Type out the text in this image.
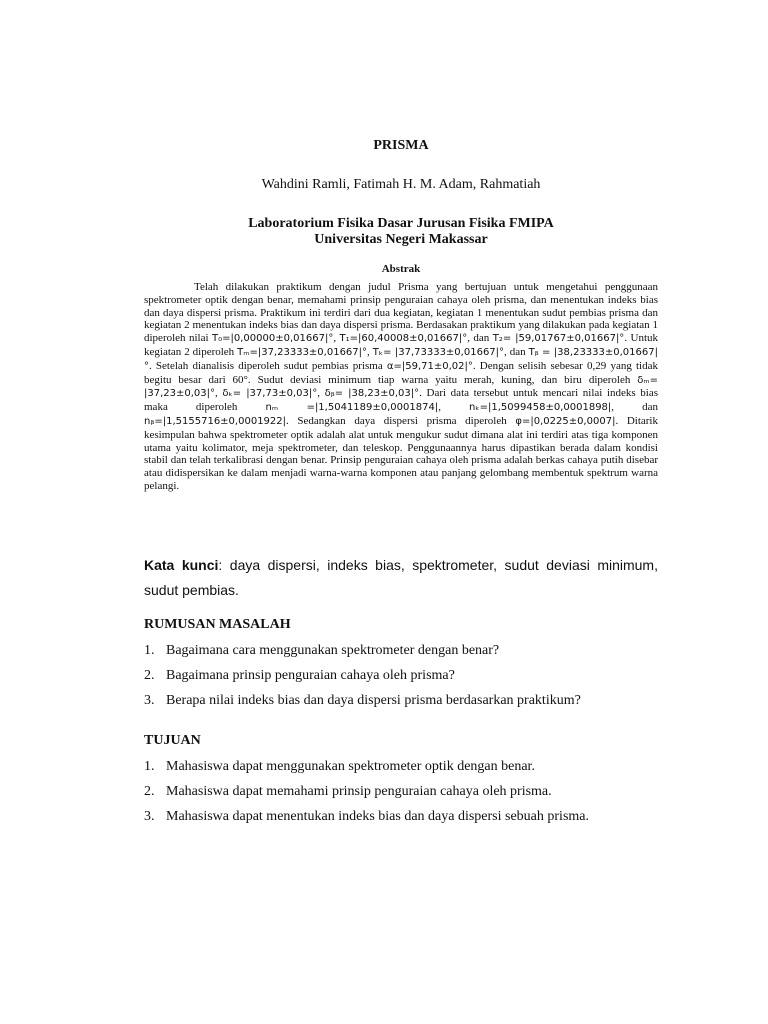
PRISMA
Wahdini Ramli, Fatimah H. M. Adam, Rahmatiah
Laboratorium Fisika Dasar Jurusan Fisika FMIPA
Universitas Negeri Makassar
Abstrak

Telah dilakukan praktikum dengan judul Prisma yang bertujuan untuk mengetahui penggunaan spektrometer optik dengan benar, memahami prinsip penguraian cahaya oleh prisma, dan menentukan indeks bias dan daya dispersi prisma. Praktikum ini terdiri dari dua kegiatan, kegiatan 1 menentukan sudut pembias prisma dan kegiatan 2 menentukan indeks bias dan daya dispersi prisma. Berdasakan praktikum yang dilakukan pada kegiatan 1 diperoleh nilai T₀=|0,00000±0,01667|°, T₁=|60,40008±0,01667|°, dan T₂= |59,01767±0,01667|°. Untuk kegiatan 2 diperoleh Tₘ=|37,23333±0,01667|°, Tₖ= |37,73333±0,01667|°, dan Tᵦ = |38,23333±0,01667|°. Setelah dianalisis diperoleh sudut pembias prisma α=|59,71±0,02|°. Dengan selisih sebesar 0,29 yang tidak begitu besar dari 60°. Sudut deviasi minimum tiap warna yaitu merah, kuning, dan biru diperoleh δₘ= |37,23±0,03|°, δₖ= |37,73±0,03|°, δᵦ= |38,23±0,03|°. Dari data tersebut untuk mencari nilai indeks bias maka diperoleh nₘ =|1,5041189±0,0001874|, nₖ=|1,5099458±0,0001898|, dan nᵦ=|1,5155716±0,0001922|. Sedangkan daya dispersi prisma diperoleh φ=|0,0225±0,0007|. Ditarik kesimpulan bahwa spektrometer optik adalah alat untuk mengukur sudut dimana alat ini terdiri atas tiga komponen utama yaitu kolimator, meja spektrometer, dan teleskop. Penggunaannya harus dipastikan berada dalam kondisi stabil dan telah terkalibrasi dengan benar. Prinsip penguraian cahaya oleh prisma adalah berkas cahaya putih disebar atau didispersikan ke dalam menjadi warna-warna komponen atau panjang gelombang membentuk spektrum warna pelangi.

Kata kunci: daya dispersi, indeks bias, spektrometer, sudut deviasi minimum, sudut pembias.
RUMUSAN MASALAH
1. Bagaimana cara menggunakan spektrometer dengan benar?
2. Bagaimana prinsip penguraian cahaya oleh prisma?
3. Berapa nilai indeks bias dan daya dispersi prisma berdasarkan praktikum?
TUJUAN
1. Mahasiswa dapat menggunakan spektrometer optik dengan benar.
2. Mahasiswa dapat memahami prinsip penguraian cahaya oleh prisma.
3. Mahasiswa dapat menentukan indeks bias dan daya dispersi sebuah prisma.
